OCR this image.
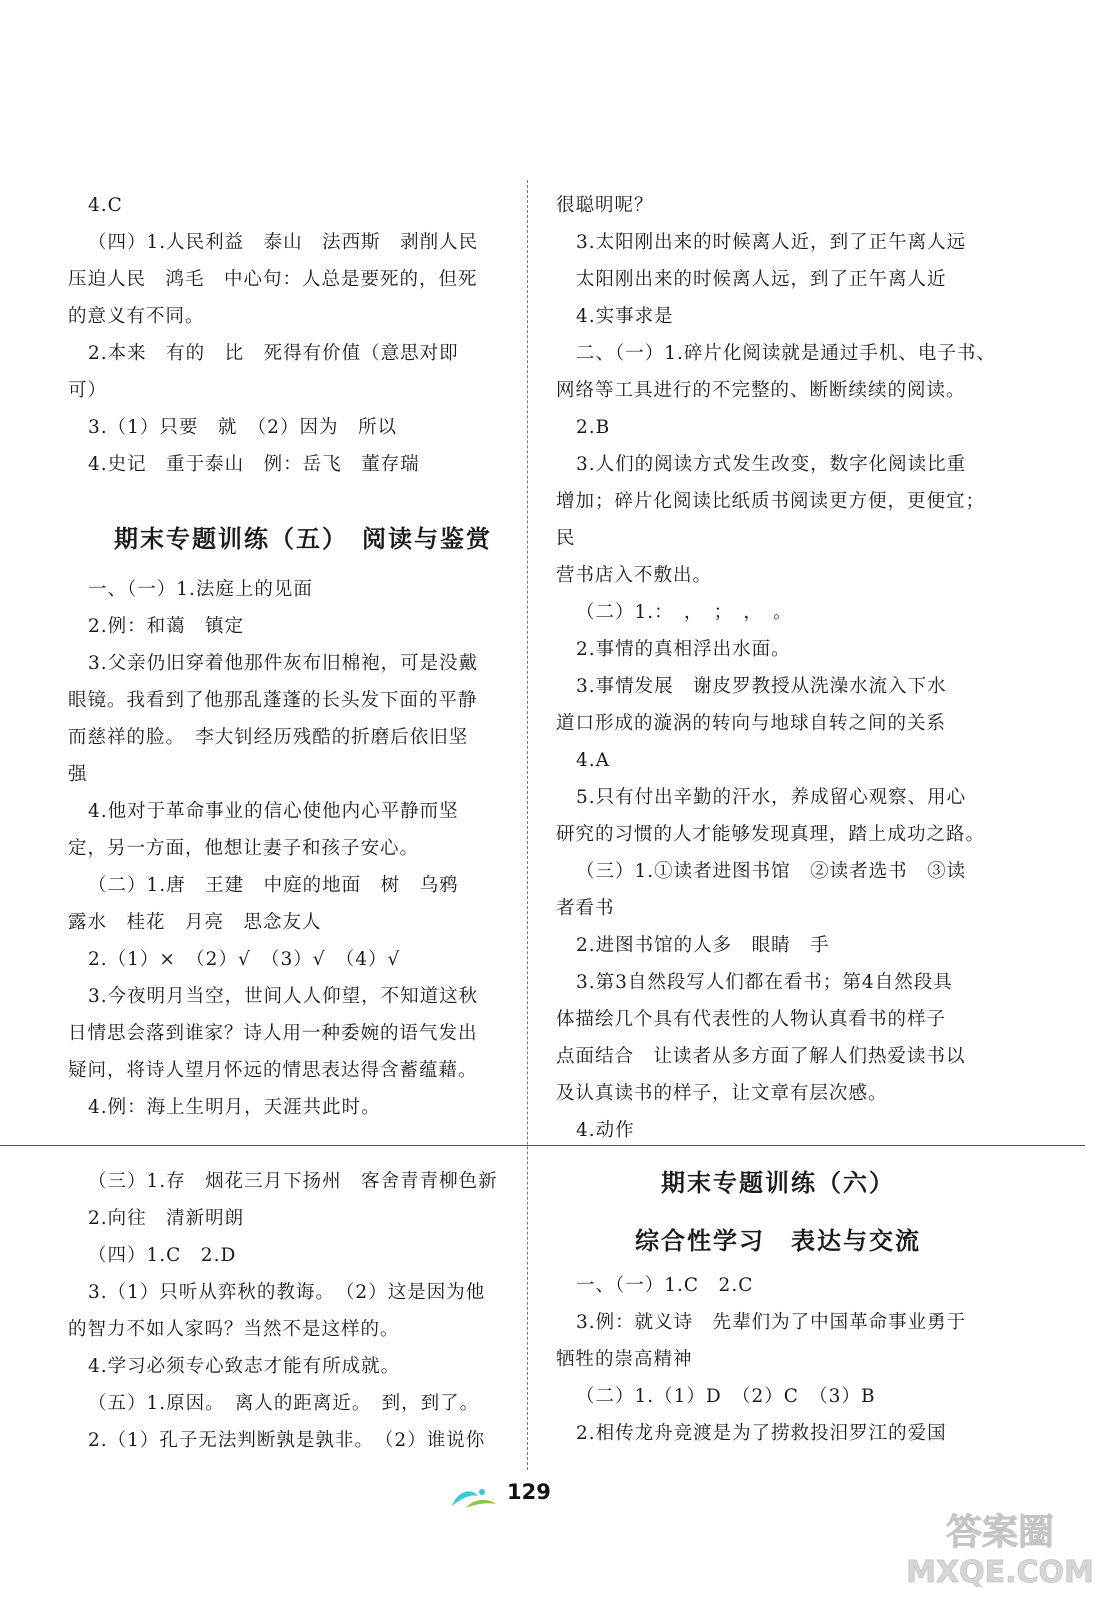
4.C

（四）1.人民利益　泰山　法西斯　剥削人民

压迫人民　鸿毛　中心句：人总是要死的，但死

的意义有不同。

2.本来　有的　比　死得有价值（意思对即

可）

3.（1）只要　就　（2）因为　所以

4.史记　重于泰山　例：岳飞　董存瑞

期末专题训练（五）　阅读与鉴赏

一、（一）1.法庭上的见面

2.例：和蔼　镇定

3.父亲仍旧穿着他那件灰布旧棉袍，可是没戴

眼镜。我看到了他那乱蓬蓬的长头发下面的平静

而慈祥的脸。　李大钊经历残酷的折磨后依旧坚

强

4.他对于革命事业的信心使他内心平静而坚

定，另一方面，他想让妻子和孩子安心。

（二）1.唐　王建　中庭的地面　树　乌鸦

露水　桂花　月亮　思念友人

2.（1）×　（2）√　（3）√　（4）√

3.今夜明月当空，世间人人仰望，不知道这秋

日情思会落到谁家？诗人用一种委婉的语气发出

疑问，将诗人望月怀远的情思表达得含蓄蕴藉。

4.例：海上生明月，天涯共此时。

很聪明呢？

3.太阳刚出来的时候离人近，到了正午离人远

太阳刚出来的时候离人远，到了正午离人近

4.实事求是

二、（一）1.碎片化阅读就是通过手机、电子书、

网络等工具进行的不完整的、断断续续的阅读。

2.B

3.人们的阅读方式发生改变，数字化阅读比重

增加；碎片化阅读比纸质书阅读更方便，更便宜；民

营书店入不敷出。

（二）1.：　，　；　，　。

2.事情的真相浮出水面。

3.事情发展　谢皮罗教授从洗澡水流入下水

道口形成的漩涡的转向与地球自转之间的关系

4.A

5.只有付出辛勤的汗水，养成留心观察、用心

研究的习惯的人才能够发现真理，踏上成功之路。

（三）1.①读者进图书馆　②读者选书　③读

者看书

2.进图书馆的人多　眼睛　手

3.第3自然段写人们都在看书；第4自然段具

体描绘几个具有代表性的人物认真看书的样子

点面结合　让读者从多方面了解人们热爱读书以

及认真读书的样子，让文章有层次感。

4.动作

（三）1.存　烟花三月下扬州　客舍青青柳色新

2.向往　清新明朗

（四）1.C　2.D

3.（1）只听从弈秋的教诲。　（2）这是因为他

的智力不如人家吗？当然不是这样的。

4.学习必须专心致志才能有所成就。

（五）1.原因。　离人的距离近。　到，到了。

2.（1）孔子无法判断孰是孰非。　（2）谁说你

期末专题训练（六）

综合性学习　表达与交流

一、（一）1.C　2.C

3.例：就义诗　先辈们为了中国革命事业勇于

牺牲的崇高精神

（二）1.（1）D　（2）C　（3）B

2.相传龙舟竞渡是为了捞救投汨罗江的爱国

129
答案圈
MXQE.COM
